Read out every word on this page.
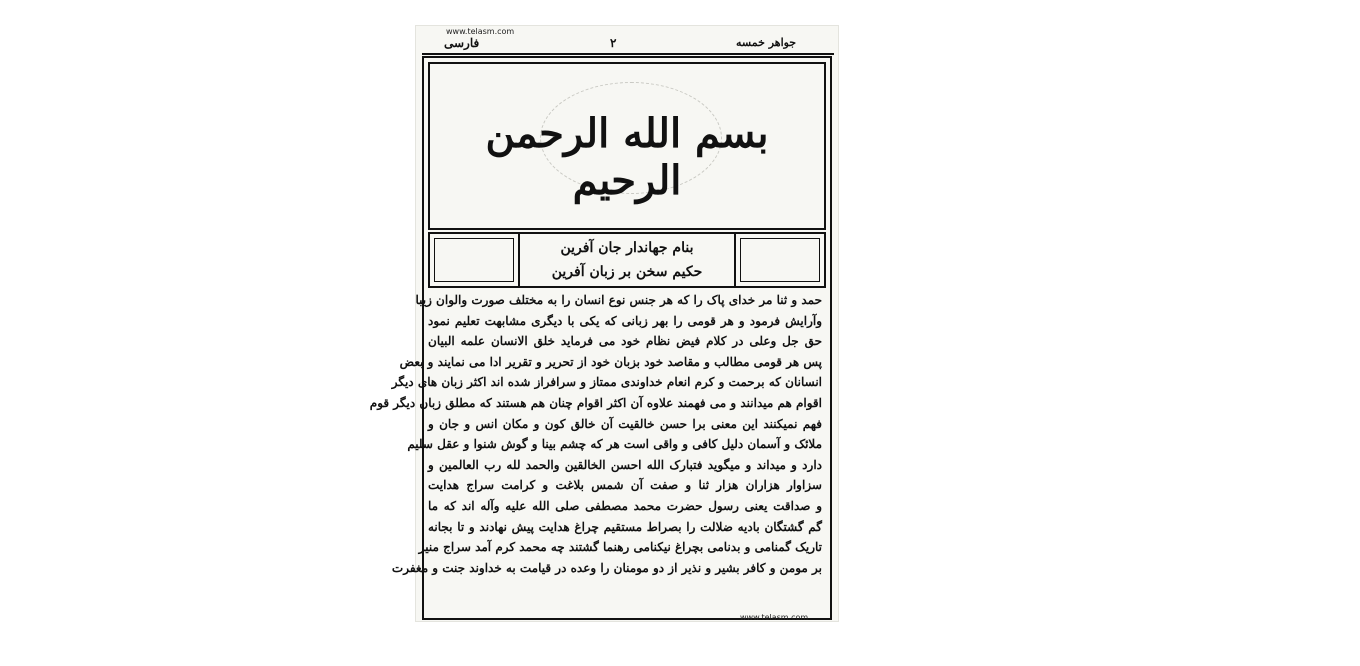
www.telasm.com
فارسی	۲	جواهر خمسه
بسم الله الرحمن الرحیم
بنام جهاندار جان آفرین
حکیم سخن بر زبان آفرین
حمد و ثنا مر خدای پاک را که هر جنس نوع انسان را به مختلف صورت والوان زیبا
وآرایش فرمود و هر قومی را بهر زبانی که یکی با دیگری مشابهت تعلیم نمود
حق جل وعلی در کلام فیض نظام خود می فرماید خلق الانسان علمه البیان
پس هر قومی مطالب و مقاصد خود بزبان خود از تحریر و تقریر ادا می نمایند و بعض
انسانان که برحمت و کرم انعام خداوندی ممتاز و سرافراز شده اند اکثر زبان های دیگر
اقوام هم میدانند و می فهمند علاوه آن اکثر اقوام چنان هم هستند که مطلق زبان دیگر قوم
فهم نمیکنند این معنی برا حسن خالقیت آن خالق کون و مکان انس و جان و
ملائک و آسمان دلیل کافی و واقی است هر که چشم بینا و گوش شنوا و عقل سلیم
دارد و میداند و میگوید فتبارک الله احسن الخالقین والحمد لله رب العالمین و
سزاوار هزاران هزار ثنا و صفت آن شمس بلاغت و کرامت سراج هدایت
و صداقت یعنی رسول حضرت محمد مصطفی صلی الله علیه وآله اند که ما
گم گشتگان بادیه ضلالت را بصراط مستقیم چراغ هدایت پیش نهادند و تا بجانه
تاریک گمنامی و بدنامی بچراغ نیکنامی رهنما گشتند چه محمد کرم آمد سراج منیر
بر مومن و کافر بشیر و نذیر از دو مومنان را وعده در قیامت به خداوند جنت و مغفرت
www.telasm.com
